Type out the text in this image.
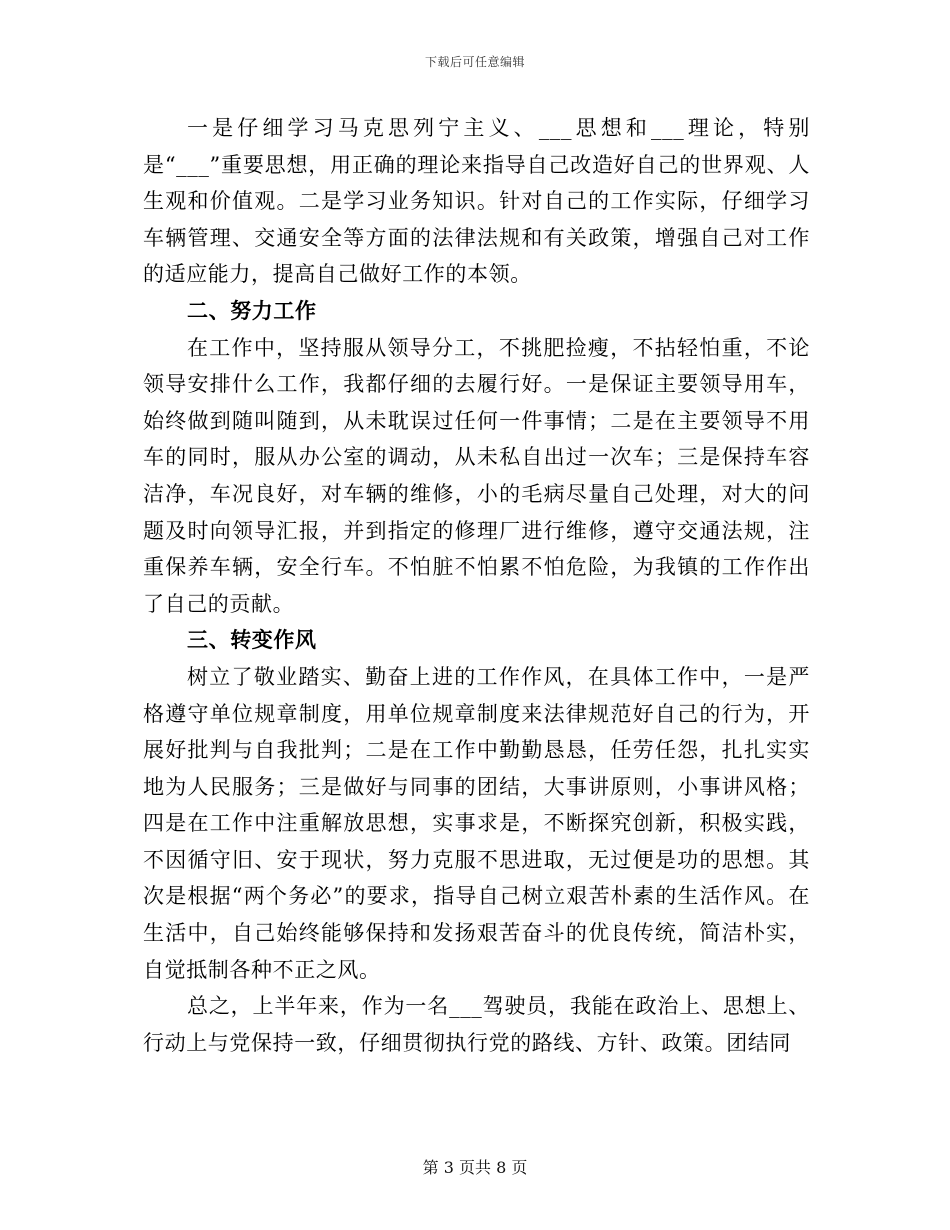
下载后可任意编辑

一是仔细学习马克思列宁主义、___思想和___理论，特别是“___”重要思想，用正确的理论来指导自己改造好自己的世界观、人生观和价值观。二是学习业务知识。针对自己的工作实际，仔细学习车辆管理、交通安全等方面的法律法规和有关政策，增强自己对工作的适应能力，提高自己做好工作的本领。

二、努力工作

在工作中，坚持服从领导分工，不挑肥捡瘦，不拈轻怕重，不论领导安排什么工作，我都仔细的去履行好。一是保证主要领导用车，始终做到随叫随到，从未耽误过任何一件事情；二是在主要领导不用车的同时，服从办公室的调动，从未私自出过一次车；三是保持车容洁净，车况良好，对车辆的维修，小的毛病尽量自己处理，对大的问题及时向领导汇报，并到指定的修理厂进行维修，遵守交通法规，注重保养车辆，安全行车。不怕脏不怕累不怕危险，为我镇的工作作出了自己的贡献。

三、转变作风

树立了敬业踏实、勤奋上进的工作作风，在具体工作中，一是严格遵守单位规章制度，用单位规章制度来法律规范好自己的行为，开展好批判与自我批判；二是在工作中勤勤恳恳，任劳任怨，扎扎实实地为人民服务；三是做好与同事的团结，大事讲原则，小事讲风格；四是在工作中注重解放思想，实事求是，不断探究创新，积极实践，不因循守旧、安于现状，努力克服不思进取，无过便是功的思想。其次是根据“两个务必”的要求，指导自己树立艰苦朴素的生活作风。在生活中，自己始终能够保持和发扬艰苦奋斗的优良传统，简洁朴实，自觉抵制各种不正之风。

总之，上半年来，作为一名___驾驶员，我能在政治上、思想上、行动上与党保持一致，仔细贯彻执行党的路线、方针、政策。团结同

第 3 页共 8 页
